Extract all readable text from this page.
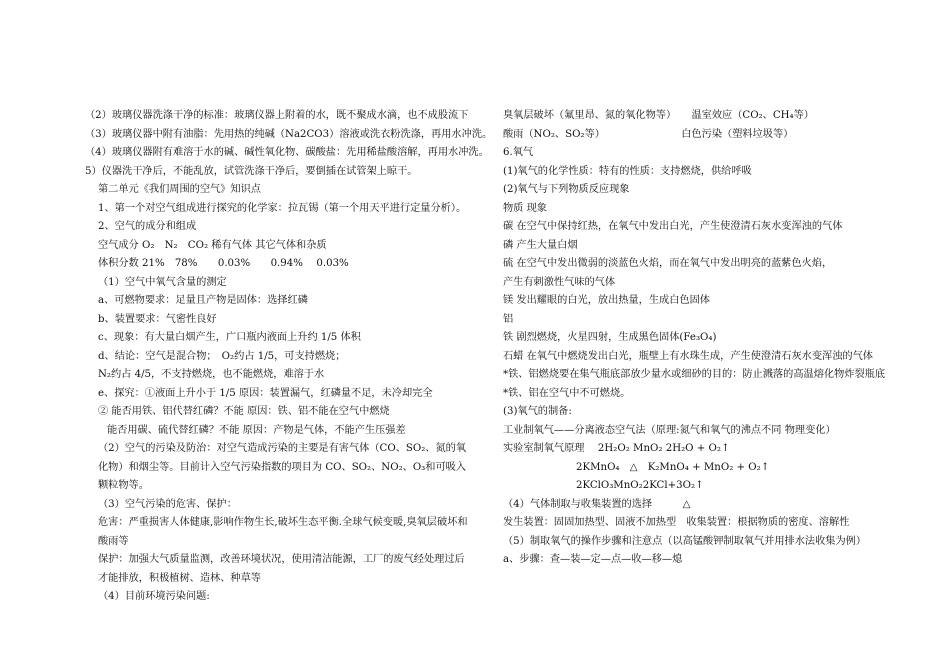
（2）玻璃仪器洗涤干净的标准：玻璃仪器上附着的水，既不聚成水滴，也不成股流下
（3）玻璃仪器中附有油脂：先用热的纯碱（Na2CO3）溶液或洗衣粉洗涤，再用水冲洗。
（4）玻璃仪器附有难溶于水的碱、碱性氧化物、碳酸盐：先用稀盐酸溶解，再用水冲洗。
5）仪器洗干净后，不能乱放，试管洗涤干净后，要倒插在试管架上晾干。
第二单元《我们周围的空气》知识点
1、第一个对空气组成进行探究的化学家：拉瓦锡（第一个用天平进行定量分析）。
2、空气的成分和组成
空气成分 O₂　N₂　CO₂ 稀有气体 其它气体和杂质
体积分数 21%　78%　　0.03%　　0.94%　 0.03%
（1）空气中氧气含量的测定
a、可燃物要求：足量且产物是固体：选择红磷
b、装置要求：气密性良好
c、现象：有大量白烟产生，广口瓶内液面上升约 1/5 体积
d、结论：空气是混合物；　O₂约占 1/5，可支持燃烧；
N₂约占 4/5，不支持燃烧，也不能燃烧，难溶于水
e、探究：①液面上升小于 1/5 原因：装置漏气，红磷量不足，未冷却完全
② 能否用铁、铝代替红磷？不能 原因：铁、铝不能在空气中燃烧
能否用碳、硫代替红磷？不能 原因：产物是气体，不能产生压强差
（2）空气的污染及防治：对空气造成污染的主要是有害气体（CO、SO₂、氮的氧化物）和烟尘等。目前计入空气污染指数的项目为 CO、SO₂、NO₂、O₃和可吸入颗粒物等。
（3）空气污染的危害、保护：
危害：严重损害人体健康,影响作物生长,破坏生态平衡.全球气候变暖,臭氧层破坏和酸雨等
保护：加强大气质量监测，改善环境状况，使用清洁能源，工厂的废气经处理过后才能排放，积极植树、造林、种草等
（4）目前环境污染问题:
臭氧层破坏（氟里昂、氮的氧化物等）　　温室效应（CO₂、CH₄等）
酸雨（NO₂、SO₂等）　　　　　　　　白色污染（塑料垃圾等）
6.氧气
(1)氧气的化学性质：特有的性质：支持燃烧，供给呼吸
(2)氧气与下列物质反应现象
物质 现象
碳 在空气中保持红热，在氧气中发出白光，产生使澄清石灰水变浑浊的气体
磷 产生大量白烟
硫 在空气中发出微弱的淡蓝色火焰，而在氧气中发出明亮的蓝紫色火焰，
产生有刺激性气味的气体
镁 发出耀眼的白光，放出热量，生成白色固体
铝
铁 剧烈燃烧，火星四射，生成黑色固体(Fe₃O₄)
石蜡 在氧气中燃烧发出白光，瓶壁上有水珠生成，产生使澄清石灰水变浑浊的气体
*铁、铝燃烧要在集气瓶底部放少量水或细砂的目的：防止溅落的高温熔化物炸裂瓶底
*铁、铝在空气中不可燃烧。
(3)氧气的制备:
工业制氧气——分离液态空气法（原理:氮气和氧气的沸点不同 物理变化）
实验室制氧气原理　 2H₂O₂ MnO₂ 2H₂O + O₂↑
2KMnO₄　△　K₂MnO₄ + MnO₂ + O₂↑
2KClO₃MnO₂2KCl+3O₂↑
（4）气体制取与收集装置的选择　　　△
发生装置：固固加热型、固液不加热型　收集装置：根据物质的密度、溶解性
（5）制取氧气的操作步骤和注意点（以高锰酸钾制取氧气并用排水法收集为例）
a、步骤：查—装—定—点—收—移—熄
